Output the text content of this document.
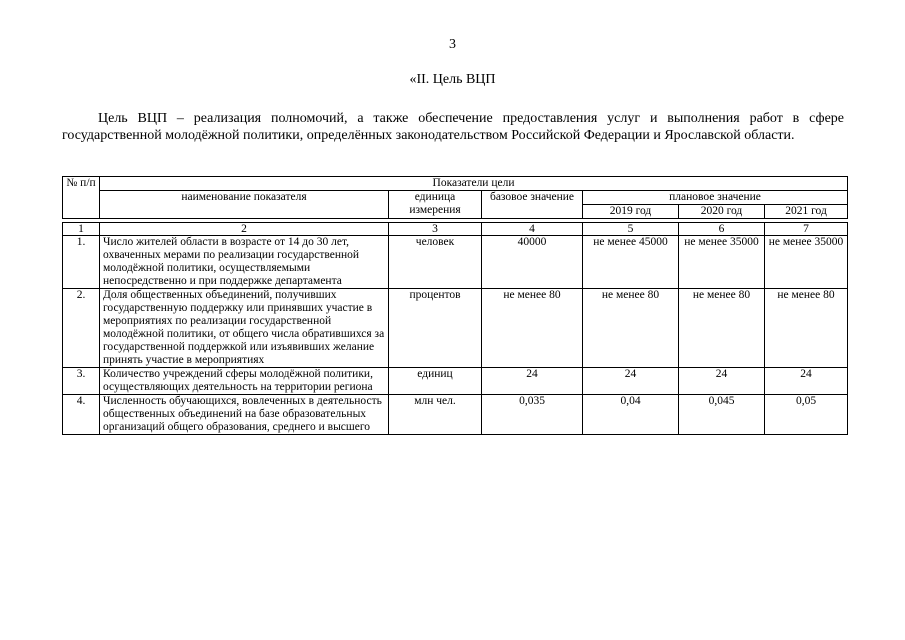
3
«II. Цель ВЦП

Цель ВЦП – реализация полномочий, а также обеспечение предоставления услуг и выполнения работ в сфере государственной молодёжной политики, определённых законодательством Российской Федерации и Ярославской области.

№ п/п	Показатели цели					
	наименование показателя	единица измерения	базовое значение	плановое значение		
				2019 год	2020 год	2021 год

1	2	3	4	5	6	7
1.	Число жителей области в возрасте от 14 до 30 лет, охваченных мерами по реализации государственной молодёжной политики, осуществляемыми непосредственно и при поддержке департамента	человек	40000	не менее 45000	не менее 35000	не менее 35000
2.	Доля общественных объединений, получивших государственную поддержку или принявших участие в мероприятиях по реализации государственной молодёжной политики, от общего числа обратившихся за государственной поддержкой или изъявивших желание принять участие в мероприятиях	процентов	не менее 80	не менее 80	не менее 80	не менее 80
3.	Количество учреждений сферы молодёжной политики, осуществляющих деятельность на территории региона	единиц	24	24	24	24
4.	Численность обучающихся, вовлеченных в деятельность общественных объединений на базе образовательных организаций общего образования, среднего и высшего	млн чел.	0,035	0,04	0,045	0,05
